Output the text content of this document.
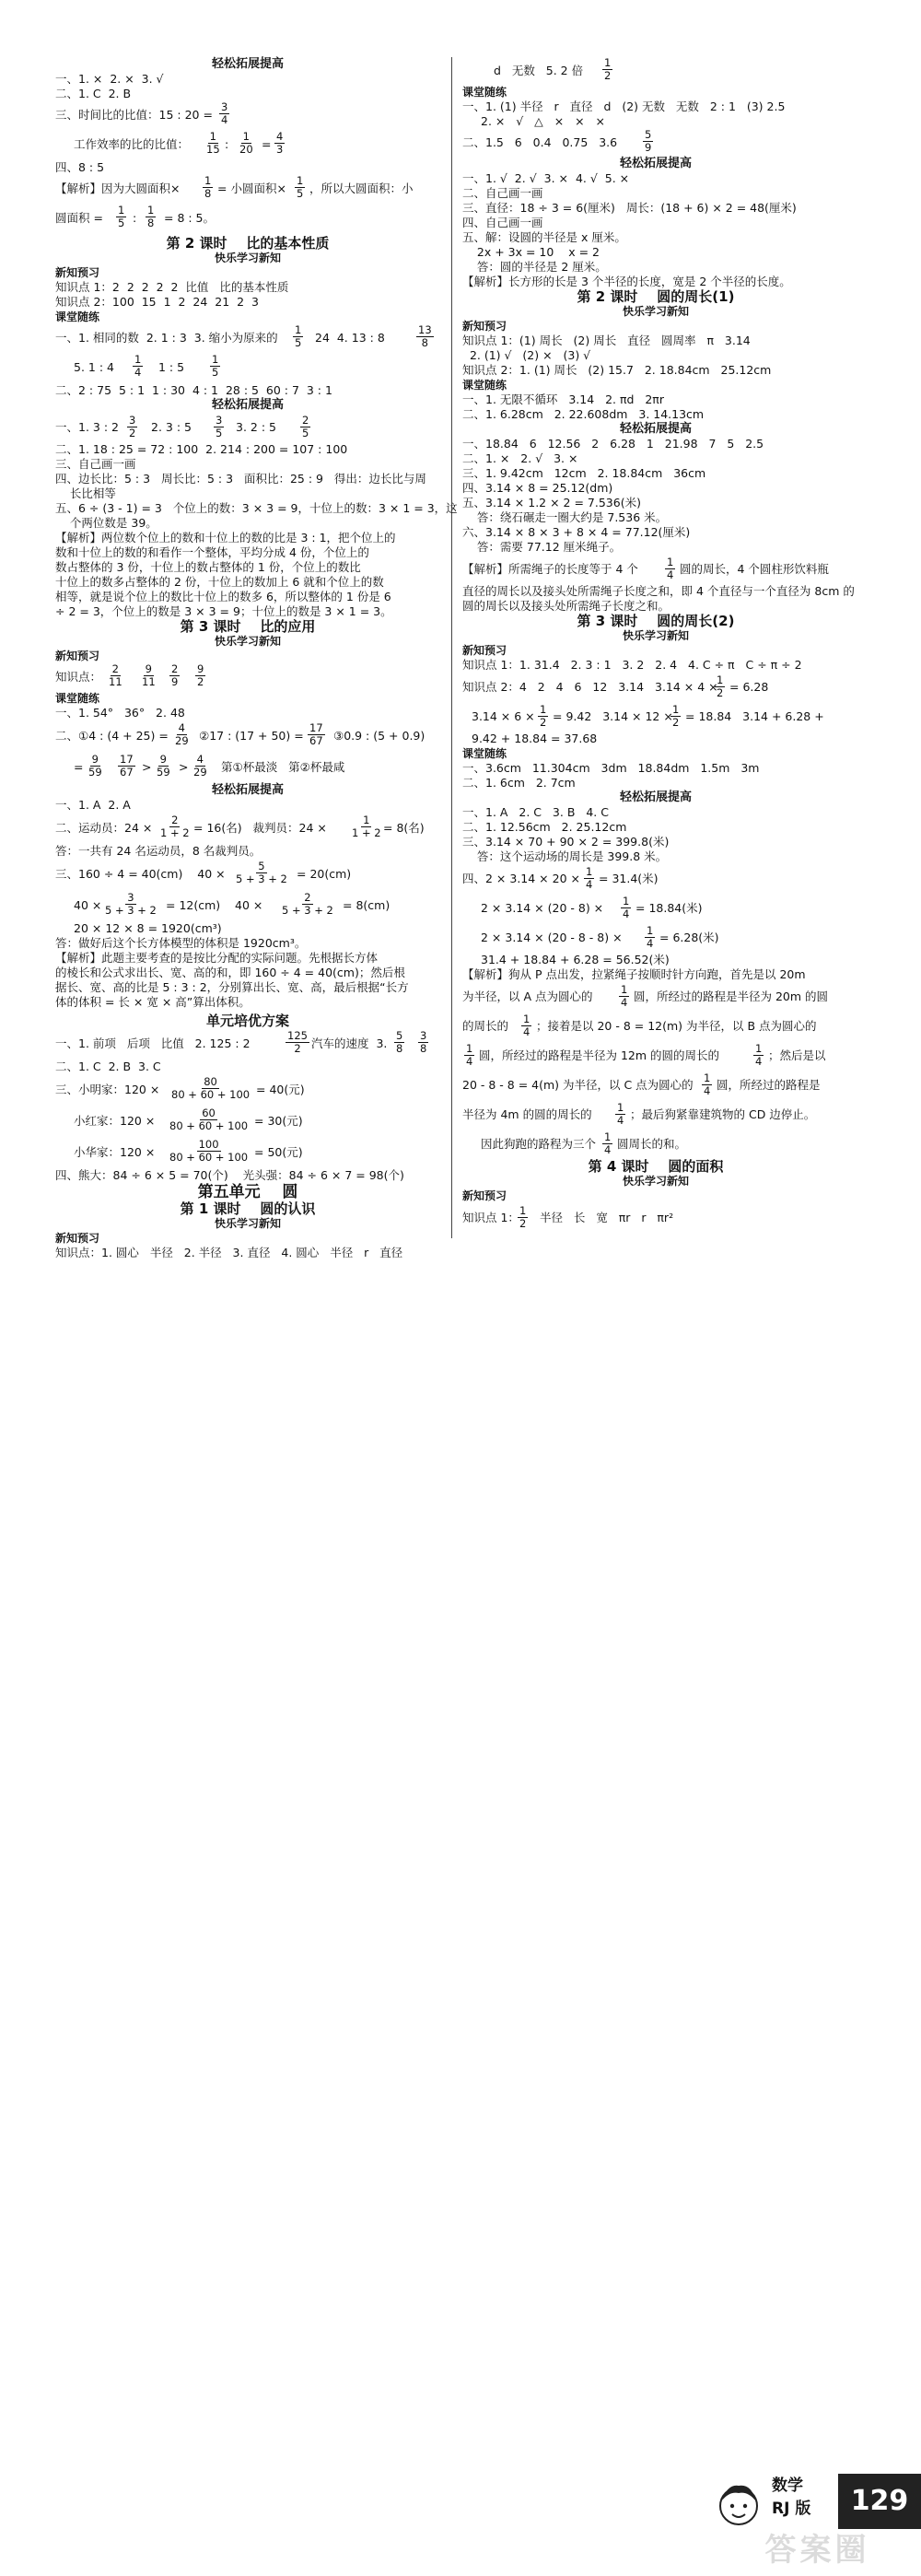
轻松拓展提高
一、1. ×  2. ×  3. √
二、1. C  2. B
三、时间比的比值：15 : $20 = \frac{3}{4}$
工作效率的比的比值： $\frac{1}{15}$ : $\frac{1}{20} = \frac{4}{3}$
四、8 : 5
【解析】因为大圆面积× $\frac{1}{8}$ = 小圆面积× $\frac{1}{5}$ ，所以大圆面积：小
圆面积 = $\frac{1}{5}$ : $\frac{1}{8} = 8$ : 5。
第 2 课时    比的基本性质
快乐学习新知
新知预习
知识点 1：2  2  2  2  2  比值   比的基本性质
知识点 2：100  15  1  2  24  21  2  3
课堂随练
一、1. 相同的数  2. 1 : 3  3. 缩小为原来的 $\frac{1}{5} 24$  4. 13 : 8	$\frac{13}{8}$
5. 1 : $4 \frac{1}{4} 1$ : $5 \frac{1}{5}$
二、2 : 75  5 : 1  1 : 30  4 : 1  28 : 5  60 : 7  3 : 1
轻松拓展提高
一、1. 3 : $2 \frac{3}{2} 2$. 3 : $5 \frac{3}{5} 3$. 2 : $5 \frac{2}{5}$
二、1. 18 : 25 = 72 : 100  2. 214 : 200 = 107 : 100
三、自己画一画
四、边长比：5 : 3   周长比：5 : 3   面积比：25 : 9   得出：边长比与周
长比相等
五、6 ÷ (3 - 1) = 3   个位上的数：3 × 3 = 9，十位上的数：3 × 1 = 3，这
个两位数是 39。
【解析】两位数个位上的数和十位上的数的比是 3 : 1，把个位上的
数和十位上的数的和看作一个整体，平均分成 4 份，个位上的
数占整体的 3 份，十位上的数占整体的 1 份，个位上的数比
十位上的数多占整体的 2 份，十位上的数加上 6 就和个位上的数
相等，就是说个位上的数比十位上的数多 6，所以整体的 1 份是 6
÷ 2 = 3，个位上的数是 3 × 3 = 9；十位上的数是 3 × 1 = 3。
第 3 课时    比的应用
快乐学习新知
新知预习
知识点： $\frac{2}{11} \frac{9}{11} \frac{2}{9} \frac{9}{2}$
课堂随练
一、1. 54°   36°   2. 48
二、①4 : $(4 + 25) = \frac{4}{29}$ ②17 : $(17 + 50) = \frac{17}{67}$ ③0.9 : (5 + 0.9)
= $\frac{9}{59} \frac{17}{67} > \frac{9}{59} > \frac{4}{29}$ 第①杯最淡   第②杯最咸
轻松拓展提高
一、1. A  2. A
二、运动员：$24 \times \frac{2}{1 + 2} = 16$(名)   裁判员：$24 \times \frac{1}{1 + 2} = 8$(名)
答：一共有 24 名运动员，8 名裁判员。
三、160 ÷ 4 = 40(cm)    $40 \times \frac{5}{5 + 3 + 2} = 20(cm)$
$40 \times \frac{3}{5 + 3 + 2} = 12(cm)$    $40 \times \frac{2}{5 + 3 + 2} = 8(cm)$
20 × 12 × 8 = 1920(cm³)
答：做好后这个长方体模型的体积是 1920cm³。
【解析】此题主要考查的是按比分配的实际问题。先根据长方体
的棱长和公式求出长、宽、高的和，即 160 ÷ 4 = 40(cm)；然后根
据长、宽、高的比是 5 : 3 : 2，分别算出长、宽、高，最后根据“长方
体的体积 = 长 × 宽 × 高”算出体积。
单元培优方案
一、1. 前项   后项   比值   2. 125 : 2	$\frac{125}{2}$ 汽车的速度  3. $\frac{5}{8} \frac{3}{8}$
二、1. C  2. B  3. C
三、小明家：$120 \times \frac{80}{80 + 60 + 100} = 40$(元)
小红家：$120 \times \frac{60}{80 + 60 + 100} = 30$(元)
小华家：$120 \times \frac{100}{80 + 60 + 100} = 50$(元)
四、熊大：84 ÷ 6 × 5 = 70(个)    光头强：84 ÷ 6 × 7 = 98(个)
第五单元    圆
第 1 课时    圆的认识
快乐学习新知
新知预习
知识点：1. 圆心   半径   2. 半径   3. 直径   4. 圆心   半径   r   直径
d   无数   5. 2 倍 $\frac{1}{2}$
课堂随练
一、1. (1) 半径   r   直径   d   (2) 无数   无数   2 : 1   (3) 2.5
2. ×   √   △   ×   ×   ×
二、1.5   6   0.4   0.75   $3.6 \frac{5}{9}$
轻松拓展提高
一、1. √  2. √  3. ×  4. √  5. ×
二、自己画一画
三、直径：18 ÷ 3 = 6(厘米)   周长：(18 + 6) × 2 = 48(厘米)
四、自己画一画
五、解：设圆的半径是 x 厘米。
2x + 3x = 10    x = 2
答：圆的半径是 2 厘米。
【解析】长方形的长是 3 个半径的长度，宽是 2 个半径的长度。
第 2 课时    圆的周长(1)
快乐学习新知
新知预习
知识点 1：(1) 周长   (2) 周长   直径   圆周率   π   3.14
2. (1) √   (2) ×   (3) √
知识点 2：1. (1) 周长   (2) 15.7   2. 18.84cm   25.12cm
课堂随练
一、1. 无限不循环   3.14   2. πd   2πr
二、1. 6.28cm   2. 22.608dm   3. 14.13cm
轻松拓展提高
一、18.84   6   12.56   2   6.28   1   21.98   7   5   2.5
二、1. ×   2. √   3. ×
三、1. 9.42cm   12cm   2. 18.84cm   36cm
四、3.14 × 8 = 25.12(dm)
五、3.14 × 1.2 × 2 = 7.536(米)
答：绕石碾走一圈大约是 7.536 米。
六、3.14 × 8 × 3 + 8 × 4 = 77.12(厘米)
答：需要 77.12 厘米绳子。
【解析】所需绳子的长度等于 4 个	$\frac{1}{4}$ 圆的周长，4 个圆柱形饮料瓶
直径的周长以及接头处所需绳子长度之和，即 4 个直径与一个直径为 8cm 的
圆的周长以及接头处所需绳子长度之和。
第 3 课时    圆的周长(2)
快乐学习新知
新知预习
知识点 1：1. 31.4   2. 3 : 1   3. 2   2. 4   4. C ÷ π   C ÷ π ÷ 2
知识点 2：4   2   4   6   12   3.14   3.14 × 4 ×
$\frac{1}{2} = 6.28$
$3.14 \times 6 \times \frac{1}{2} = 9.42$   3.14 × 12 ×
$\frac{1}{2} = 18.84$   3.14 + 6.28 +
9.42 + 18.84 = 37.68
课堂随练
一、3.6cm   11.304cm   3dm   18.84dm   1.5m   3m
二、1. 6cm   2. 7cm
轻松拓展提高
一、1. A   2. C   3. B   4. C
二、1. 12.56cm   2. 25.12cm
三、3.14 × 70 + 90 × 2 = 399.8(米)
答：这个运动场的周长是 399.8 米。
四、$2 \times 3.14 \times 20 \times \frac{1}{4} = 31.4$(米)
$2 \times 3.14 \times (20 - 8) \times \frac{1}{4} = 18.84$(米)
$2 \times 3.14 \times (20 - 8 - 8) \times \frac{1}{4} = 6.28$(米)
31.4 + 18.84 + 6.28 = 56.52(米)
【解析】狗从 P 点出发，拉紧绳子按顺时针方向跑，首先是以 20m
为半径，以 A 点为圆心的 $\frac{1}{4}$ 圆，所经过的路程是半径为 20m 的圆
的周长的 $\frac{1}{4}$ ；接着是以 20 - 8 = 12(m) 为半径，以 B 点为圆心的
$\frac{1}{4}$ 圆，所经过的路程是半径为 12m 的圆的周长的	$\frac{1}{4}$ ；然后是以
20 - 8 - 8 = 4(m) 为半径，以 C 点为圆心的 $\frac{1}{4}$ 圆，所经过的路程是
半径为 4m 的圆的周长的 $\frac{1}{4}$ ；最后狗紧靠建筑物的 CD 边停止。
因此狗跑的路程为三个 $\frac{1}{4}$ 圆周长的和。
第 4 课时    圆的面积
快乐学习新知
新知预习
知识点 1：
$\frac{1}{2}$ 半径   长   宽   πr   r   πr²
数学
RJ 版	129
答案圈
